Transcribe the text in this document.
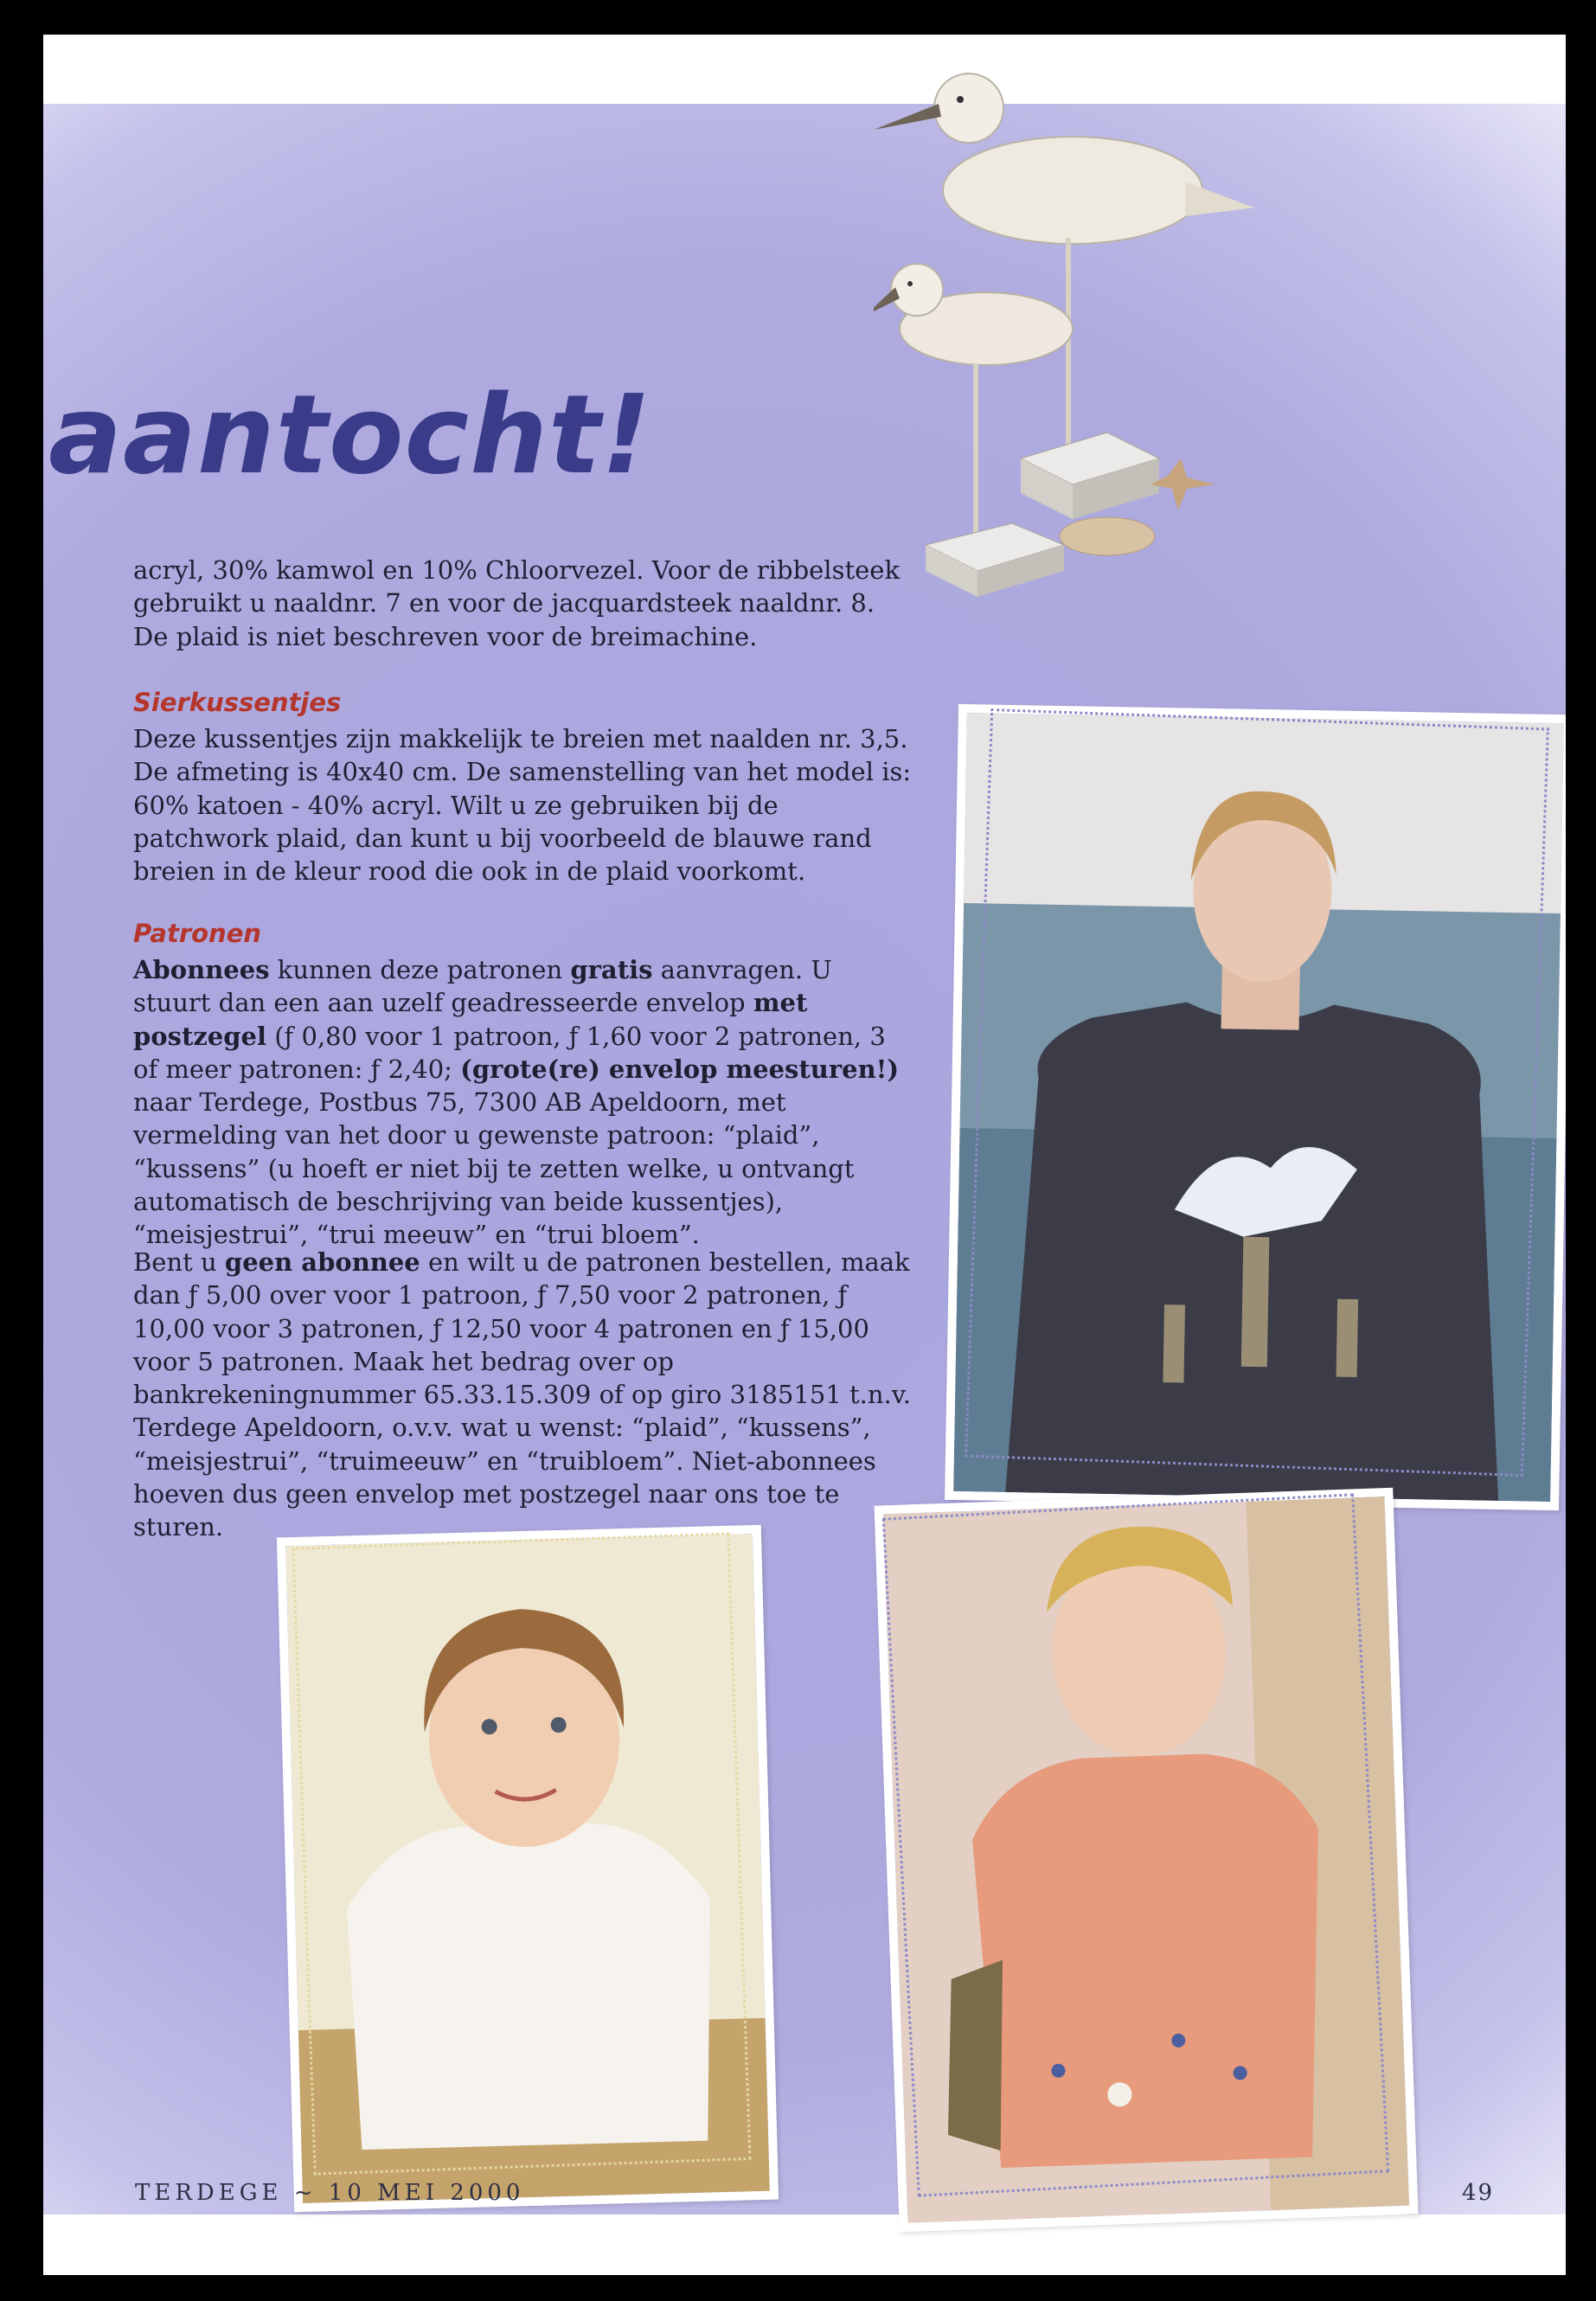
aantocht!

acryl, 30% kamwol en 10% Chloorvezel. Voor de ribbelsteek gebruikt u naaldnr. 7 en voor de jacquardsteek naaldnr. 8. De plaid is niet beschreven voor de breimachine.

Sierkussentjes

Deze kussentjes zijn makkelijk te breien met naalden nr. 3,5. De afmeting is 40x40 cm. De samenstelling van het model is: 60% katoen - 40% acryl. Wilt u ze gebruiken bij de patchwork plaid, dan kunt u bij voorbeeld de blauwe rand breien in de kleur rood die ook in de plaid voorkomt.

Patronen

Abonnees kunnen deze patronen gratis aanvragen. U stuurt dan een aan uzelf geadresseerde envelop met postzegel (ƒ 0,80 voor 1 patroon, ƒ 1,60 voor 2 patronen, 3 of meer patronen: ƒ 2,40; (grote(re) envelop meesturen!) naar Terdege, Postbus 75, 7300 AB Apeldoorn, met vermelding van het door u gewenste patroon: “plaid”, “kussens” (u hoeft er niet bij te zetten welke, u ontvangt automatisch de beschrijving van beide kussentjes), “meisjestrui”, “trui meeuw” en “trui bloem”.

Bent u geen abonnee en wilt u de patronen bestellen, maak dan ƒ 5,00 over voor 1 patroon, ƒ 7,50 voor 2 patronen, ƒ 10,00 voor 3 patronen, ƒ 12,50 voor 4 patronen en ƒ 15,00 voor 5 patronen. Maak het bedrag over op bankrekeningnummer 65.33.15.309 of op giro 3185151 t.n.v. Terdege Apeldoorn, o.v.v. wat u wenst: “plaid”, “kussens”, “meisjestrui”, “truimeeuw” en “truibloem”. Niet-abonnees hoeven dus geen envelop met postzegel naar ons toe te sturen.

TERDEGE ~ 10 MEI 2000	49
